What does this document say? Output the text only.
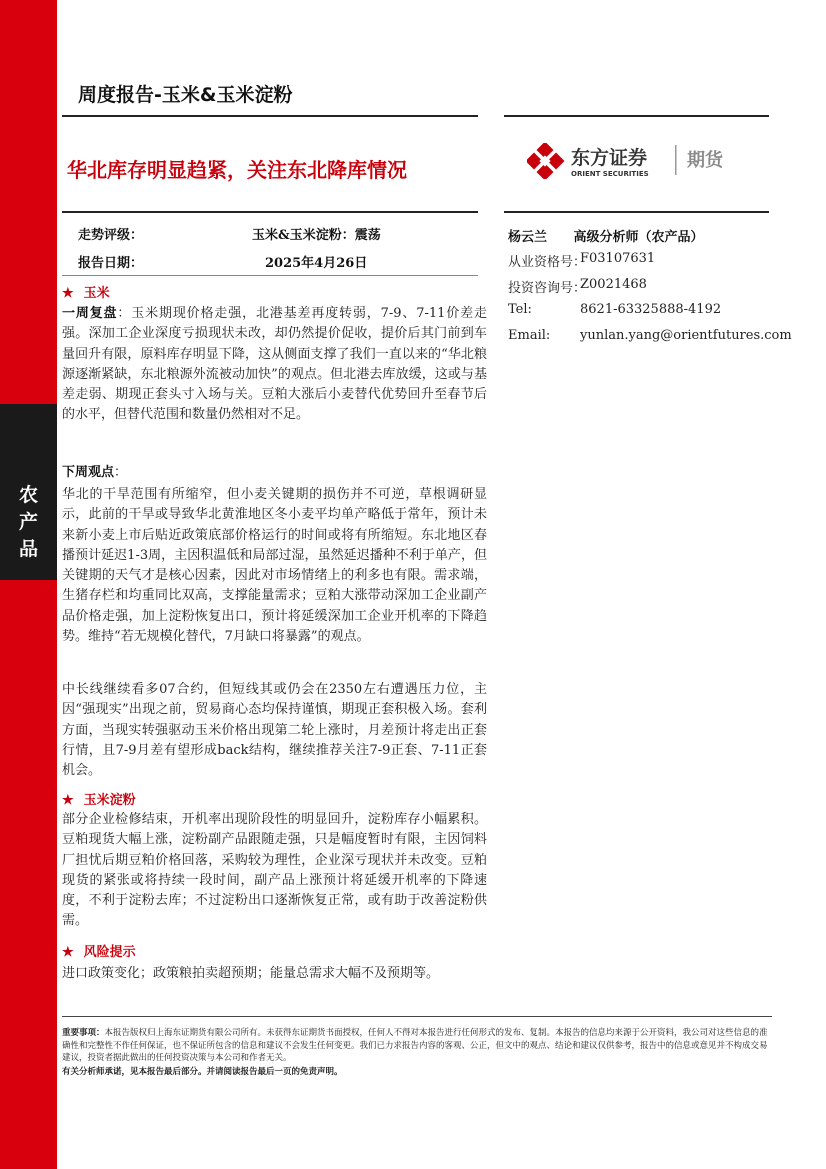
农
产
品
周度报告-玉米&玉米淀粉
华北库存明显趋紧，关注东北降库情况	东方证券
ORIENT SECURITIES
期货
走势评级：	玉米&玉米淀粉：震荡
报告日期：	2025年4月26日
杨云兰 高级分析师（农产品）
从业资格号：
F03107631
投资咨询号：
Z0021468
Tel:	8621-63325888-4192
Email: yunlan.yang@orientfutures.com
★ 玉米
一周复盘：玉米期现价格走强，北港基差再度转弱，7-9、7-11价差走强。深加工企业深度亏损现状未改，却仍然提价促收，提价后其门前到车量回升有限，原料库存明显下降，这从侧面支撑了我们一直以来的“华北粮源逐渐紧缺，东北粮源外流被动加快”的观点。但北港去库放缓，这或与基差走弱、期现正套头寸入场与关。豆粕大涨后小麦替代优势回升至春节后的水平，但替代范围和数量仍然相对不足。
下周观点：
华北的干旱范围有所缩窄，但小麦关键期的损伤并不可逆，草根调研显示，此前的干旱或导致华北黄淮地区冬小麦平均单产略低于常年，预计未来新小麦上市后贴近政策底部价格运行的时间或将有所缩短。东北地区春播预计延迟1-3周，主因积温低和局部过湿，虽然延迟播种不利于单产，但关键期的天气才是核心因素，因此对市场情绪上的利多也有限。需求端，生猪存栏和均重同比双高，支撑能量需求；豆粕大涨带动深加工企业副产品价格走强，加上淀粉恢复出口，预计将延缓深加工企业开机率的下降趋势。维持“若无规模化替代，7月缺口将暴露”的观点。
中长线继续看多07合约，但短线其或仍会在2350左右遭遇压力位，主因“强现实”出现之前，贸易商心态均保持谨慎，期现正套积极入场。套利方面，当现实转强驱动玉米价格出现第二轮上涨时，月差预计将走出正套行情，且7-9月差有望形成back结构，继续推荐关注7-9正套、7-11正套机会。
★ 玉米淀粉
部分企业检修结束，开机率出现阶段性的明显回升，淀粉库存小幅累积。豆粕现货大幅上涨，淀粉副产品跟随走强，只是幅度暂时有限，主因饲料厂担忧后期豆粕价格回落，采购较为理性，企业深亏现状并未改变。豆粕现货的紧张或将持续一段时间，副产品上涨预计将延缓开机率的下降速度，不利于淀粉去库；不过淀粉出口逐渐恢复正常，或有助于改善淀粉供需。
★ 风险提示
进口政策变化；政策粮拍卖超预期；能量总需求大幅不及预期等。
重要事项：本报告版权归上海东证期货有限公司所有。未获得东证期货书面授权，任何人不得对本报告进行任何形式的发布、复制。本报告的信息均来源于公开资料，我公司对这些信息的准确性和完整性不作任何保证，也不保证所包含的信息和建议不会发生任何变更。我们已力求报告内容的客观、公正，但文中的观点、结论和建议仅供参考，报告中的信息或意见并不构成交易建议，投资者据此做出的任何投资决策与本公司和作者无关。
有关分析师承诺，见本报告最后部分。并请阅读报告最后一页的免责声明。
